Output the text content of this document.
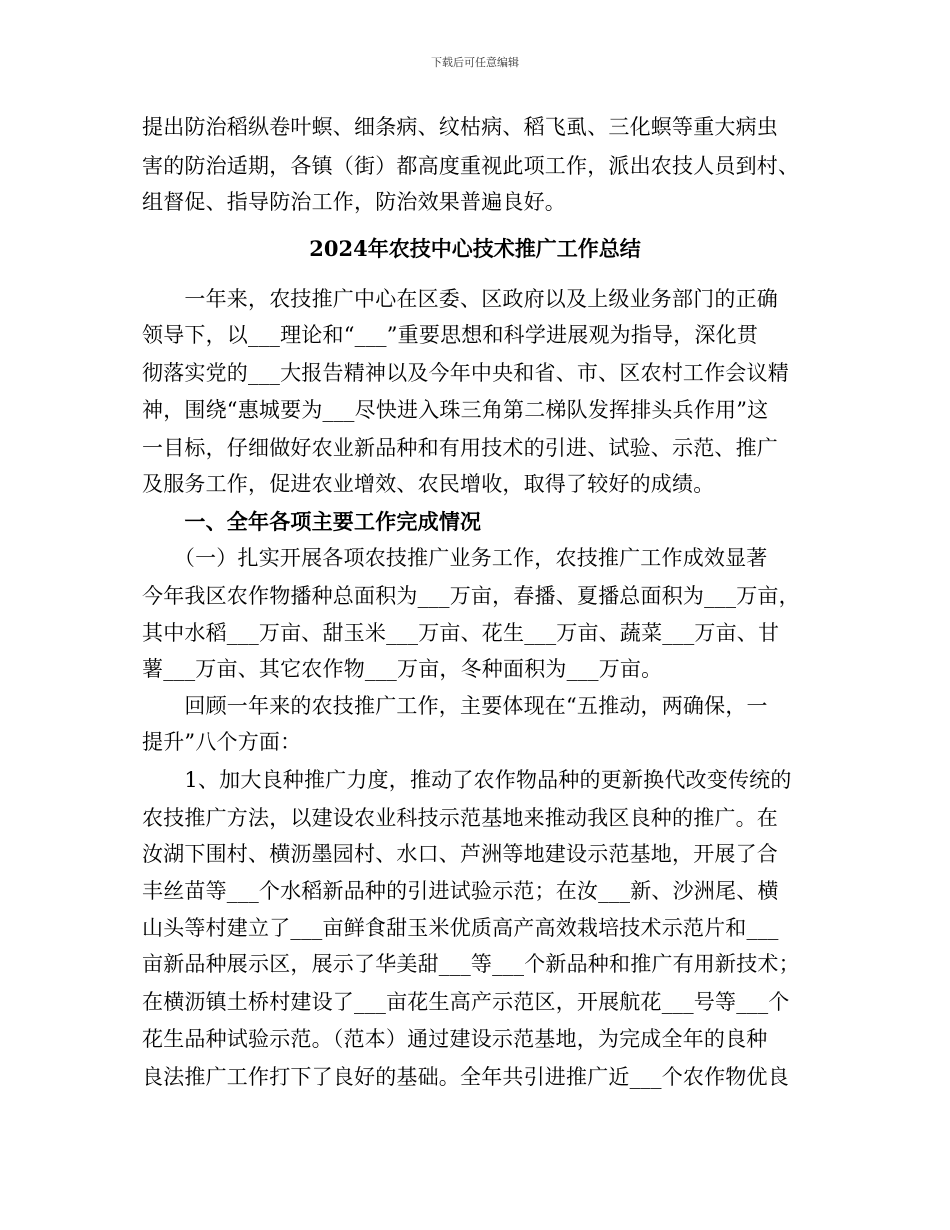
下载后可任意编辑
提出防治稻纵卷叶螟、细条病、纹枯病、稻飞虱、三化螟等重大病虫
害的防治适期，各镇（街）都高度重视此项工作，派出农技人员到村、
组督促、指导防治工作，防治效果普遍良好。
2024年农技中心技术推广工作总结
　　一年来，农技推广中心在区委、区政府以及上级业务部门的正确
领导下，以___理论和“___”重要思想和科学进展观为指导，深化贯
彻落实党的___大报告精神以及今年中央和省、市、区农村工作会议精
神，围绕“惠城要为___尽快进入珠三角第二梯队发挥排头兵作用”这
一目标，仔细做好农业新品种和有用技术的引进、试验、示范、推广
及服务工作，促进农业增效、农民增收，取得了较好的成绩。
　　一、全年各项主要工作完成情况
　　（一）扎实开展各项农技推广业务工作，农技推广工作成效显著
今年我区农作物播种总面积为___万亩，春播、夏播总面积为___万亩，
其中水稻___万亩、甜玉米___万亩、花生___万亩、蔬菜___万亩、甘
薯___万亩、其它农作物___万亩，冬种面积为___万亩。
　　回顾一年来的农技推广工作，主要体现在“五推动，两确保，一
提升”八个方面：
　　1、加大良种推广力度，推动了农作物品种的更新换代改变传统的
农技推广方法，以建设农业科技示范基地来推动我区良种的推广。在
汝湖下围村、横沥墨园村、水口、芦洲等地建设示范基地，开展了合
丰丝苗等___个水稻新品种的引进试验示范；在汝___新、沙洲尾、横
山头等村建立了___亩鲜食甜玉米优质高产高效栽培技术示范片和___
亩新品种展示区，展示了华美甜___等___个新品种和推广有用新技术；
在横沥镇土桥村建设了___亩花生高产示范区，开展航花___号等___个
花生品种试验示范。（范本）通过建设示范基地，为完成全年的良种
良法推广工作打下了良好的基础。全年共引进推广近___个农作物优良
